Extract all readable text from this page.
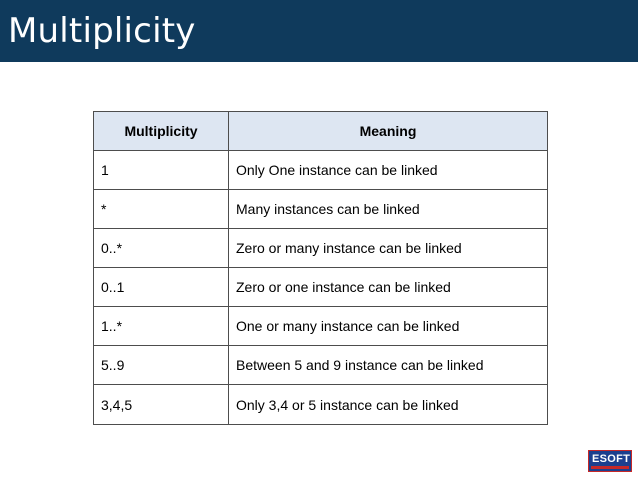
Multiplicity
Multiplicity	Meaning
1	Only One instance can be linked
*	Many instances can be linked
0..*	Zero or many instance can be linked
0..1	Zero or one instance can be linked
1..*	One or many instance can be linked
5..9	Between 5 and 9 instance can be linked
3,4,5	Only 3,4 or 5 instance can be linked
ESOFT
